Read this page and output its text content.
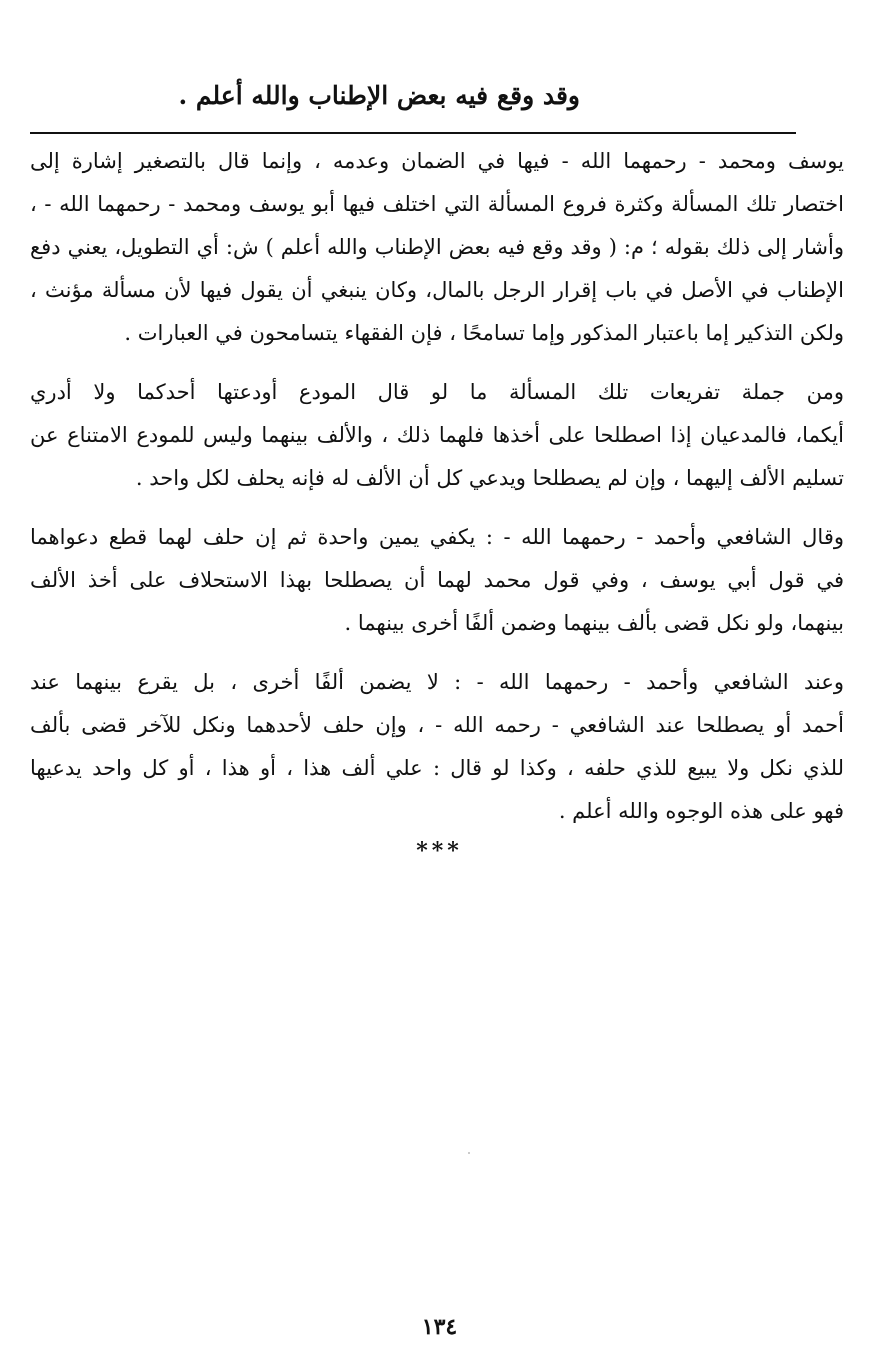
وقد وقع فيه بعض الإطناب والله أعلم .

يوسف ومحمد - رحمهما الله - فيها في الضمان وعدمه ، وإنما قال بالتصغير إشارة إلى
اختصار تلك المسألة وكثرة فروع المسألة التي اختلف فيها أبو يوسف ومحمد - رحمهما الله - ،
وأشار إلى ذلك بقوله ؛ م: ( وقد وقع فيه بعض الإطناب والله أعلم ) ش: أي التطويل، يعني دفع
الإطناب في الأصل في باب إقرار الرجل بالمال، وكان ينبغي أن يقول فيها لأن مسألة مؤنث ،
ولكن التذكير إما باعتبار المذكور وإما تسامحًا ، فإن الفقهاء يتسامحون في العبارات .

ومن جملة تفريعات تلك المسألة ما لو قال المودع أودعتها أحدكما ولا أدري
أيكما، فالمدعيان إذا اصطلحا على أخذها فلهما ذلك ، والألف بينهما وليس للمودع الامتناع عن
تسليم الألف إليهما ، وإن لم يصطلحا ويدعي كل أن الألف له فإنه يحلف لكل واحد .

وقال الشافعي وأحمد - رحمهما الله - : يكفي يمين واحدة ثم إن حلف لهما قطع دعواهما
في قول أبي يوسف ، وفي قول محمد لهما أن يصطلحا بهذا الاستحلاف على أخذ الألف
بينهما، ولو نكل قضى بألف بينهما وضمن ألفًا أخرى بينهما .

وعند الشافعي وأحمد - رحمهما الله - : لا يضمن ألفًا أخرى ، بل يقرع بينهما عند
أحمد أو يصطلحا عند الشافعي - رحمه الله - ، وإن حلف لأحدهما ونكل للآخر قضى بألف
للذي نكل ولا يبيع للذي حلفه ، وكذا لو قال : علي ألف هذا ، أو هذا ، أو كل واحد يدعيها
فهو على هذه الوجوه والله أعلم .

***
١٣٤
